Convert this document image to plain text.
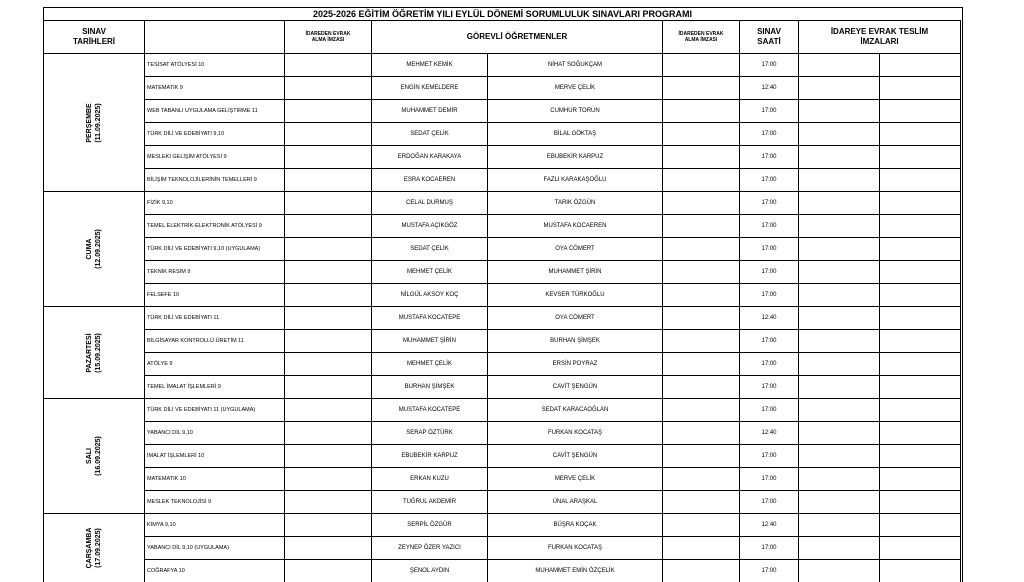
2025-2026 EĞİTİM ÖĞRETİM YILI EYLÜL DÖNEMİ SORUMLULUK SINAVLARI PROGRAMI
SINAV
TARİHLERİ
İDAREDEN EVRAK
ALMA İMZASI	GÖREVLİ ÖĞRETMENLER	İDAREDEN EVRAK
ALMA İMZASI
SINAV
SAATİ
İDAREYE EVRAK TESLİM
İMZALARI
PERŞEMBE (11.09.2025)
TESİSAT ATÖLYESİ 10	MEHMET KEMİK	NİHAT SOĞUKÇAM	17:00
MATEMATİK 9	ENGİN KEMELDERE	MERVE ÇELİK	12:40
WEB TABANLI UYGULAMA GELİŞTİRME 11	MUHAMMET DEMİR	CUMHUR TORUN	17:00
TÜRK DİLİ VE EDEBİYATI 9,10	SEDAT ÇELİK	BİLAL GÖKTAŞ	17:00
MESLEKİ GELİŞİM ATÖLYESİ 9	ERDOĞAN KARAKAYA	EBUBEKİR KARPUZ	17:00
BİLİŞİM TEKNOLOJİLERİNİN TEMELLERİ 9	ESRA KOCAEREN	FAZLI KARAKAŞOĞLU	17:00
CUMA (12.09.2025)
FİZİK 9,10	CELAL DURMUŞ	TARIK ÖZGÜN	17:00
TEMEL ELEKTRİK-ELEKTRONİK ATÖLYESİ 9	MUSTAFA AÇIKGÖZ	MUSTAFA KOCAEREN	17:00
TÜRK DİLİ VE EDEBİYATI 9,10 (UYGULAMA)	SEDAT ÇELİK	OYA CÖMERT	17:00
TEKNİK RESİM 9	MEHMET ÇELİK	MUHAMMET ŞİRİN	17:00
FELSEFE 10	NİLGÜL AKSOY KOÇ	KEVSER TÜRKOĞLU	17:00
PAZARTESİ (15.09.2025)
TÜRK DİLİ VE EDEBİYATI 11	MUSTAFA KOCATEPE	OYA CÖMERT	12:40
BİLGİSAYAR KONTROLLÜ ÜRETİM 11	MUHAMMET ŞİRİN	BURHAN ŞİMŞEK	17:00
ATÖLYE 9	MEHMET ÇELİK	ERSİN POYRAZ	17:00
TEMEL İMALAT İŞLEMLERİ 9	BURHAN ŞİMŞEK	CAVİT ŞENGÜN	17:00
SALI (16.09.2025)
TÜRK DİLİ VE EDEBİYATI 11 (UYGULAMA)	MUSTAFA KOCATEPE	SEDAT KARACAOĞLAN	17:00
YABANCI DİL 9,10	SERAP ÖZTÜRK	FURKAN KOCATAŞ	12:40
İMALAT İŞLEMLERİ 10	EBUBEKİR KARPUZ	CAVİT ŞENGÜN	17:00
MATEMATİK 10	ERKAN KUZU	MERVE ÇELİK	17:00
MESLEK TEKNOLOJİSİ 9	TUĞRUL AKDEMİR	ÜNAL ARAŞKAL	17:00
ÇARŞAMBA (17.09.2025)
KİMYA 9,10	SERPİL ÖZGÜR	BÜŞRA KOÇAK	12:40
YABANCI DİL 9,10 (UYGULAMA)	ZEYNEP ÖZER YAZICI	FURKAN KOCATAŞ	17:00
COĞRAFYA 10	ŞENOL AYDIN	MUHAMMET EMİN ÖZÇELİK	17:00
